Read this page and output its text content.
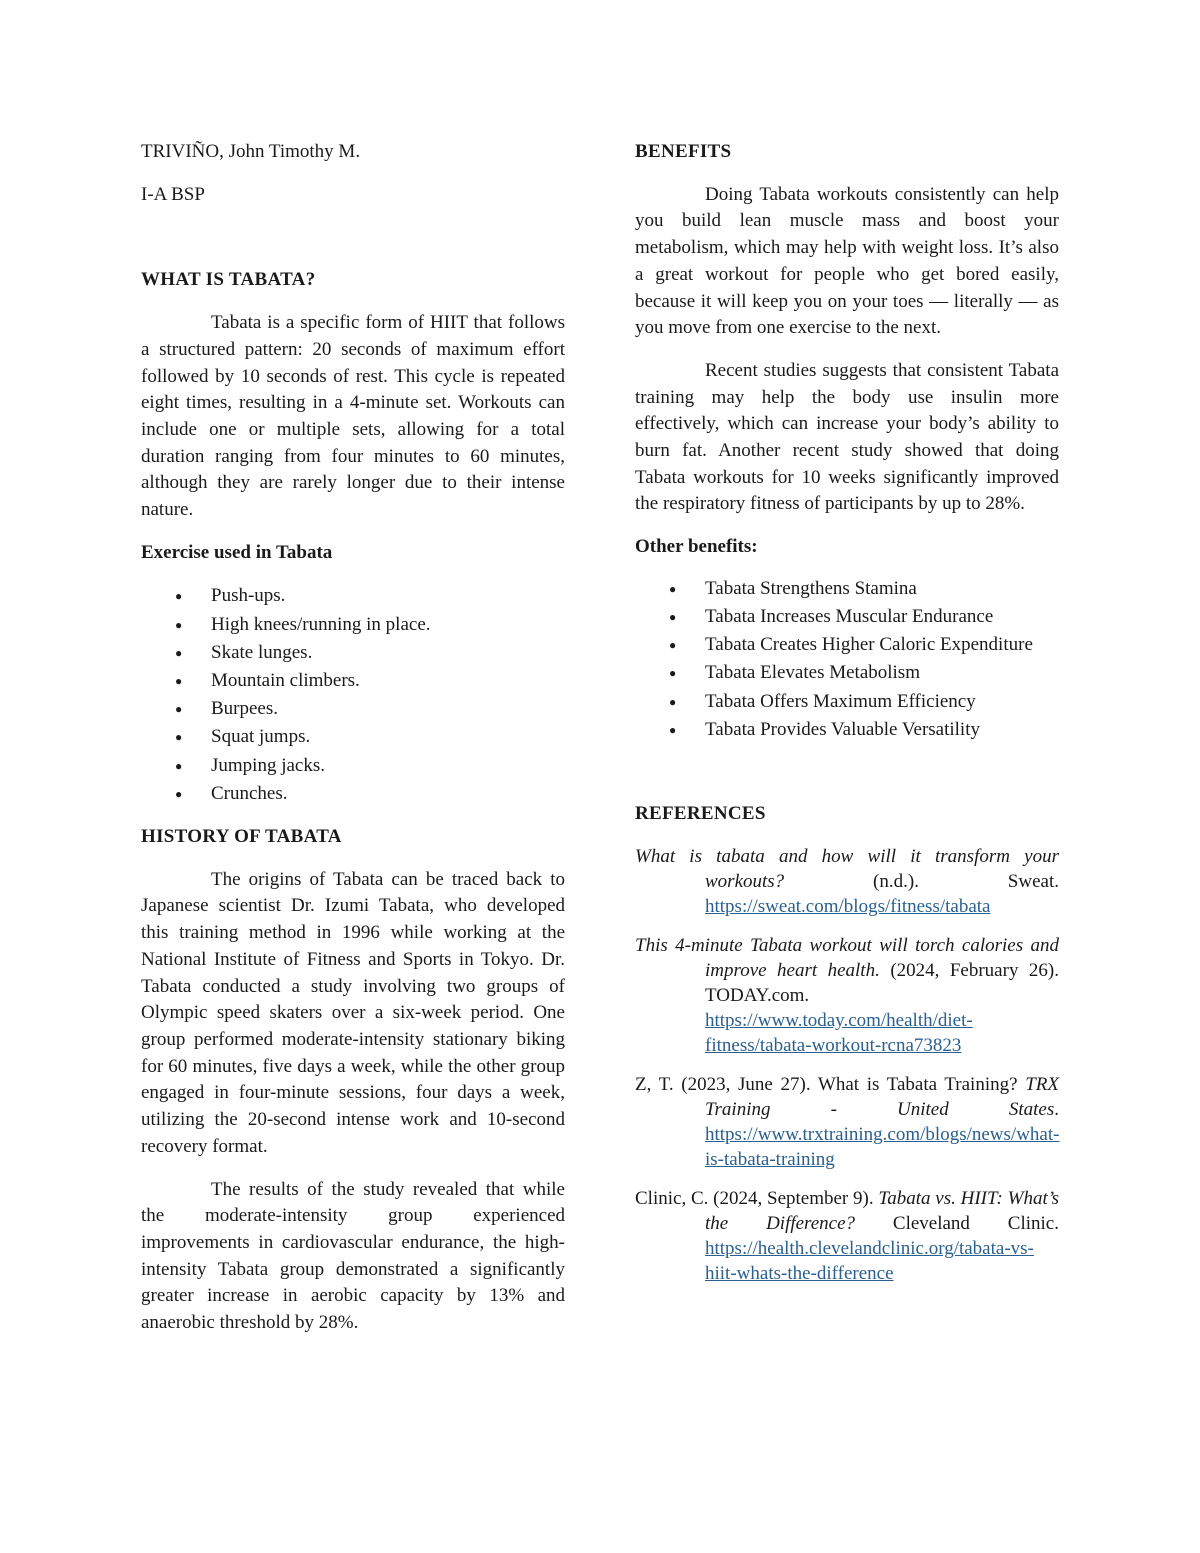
TRIVIÑO, John Timothy M.

I-A BSP

WHAT IS TABATA?

Tabata is a specific form of HIIT that follows a structured pattern: 20 seconds of maximum effort followed by 10 seconds of rest. This cycle is repeated eight times, resulting in a 4-minute set. Workouts can include one or multiple sets, allowing for a total duration ranging from four minutes to 60 minutes, although they are rarely longer due to their intense nature.

Exercise used in Tabata

● Push-ups.
● High knees/running in place.
● Skate lunges.
● Mountain climbers.
● Burpees.
● Squat jumps.
● Jumping jacks.
● Crunches.

HISTORY OF TABATA

The origins of Tabata can be traced back to Japanese scientist Dr. Izumi Tabata, who developed this training method in 1996 while working at the National Institute of Fitness and Sports in Tokyo. Dr. Tabata conducted a study involving two groups of Olympic speed skaters over a six-week period. One group performed moderate-intensity stationary biking for 60 minutes, five days a week, while the other group engaged in four-minute sessions, four days a week, utilizing the 20-second intense work and 10-second recovery format.

The results of the study revealed that while the moderate-intensity group experienced improvements in cardiovascular endurance, the high-intensity Tabata group demonstrated a significantly greater increase in aerobic capacity by 13% and anaerobic threshold by 28%.

BENEFITS

Doing Tabata workouts consistently can help you build lean muscle mass and boost your metabolism, which may help with weight loss. It’s also a great workout for people who get bored easily, because it will keep you on your toes — literally — as you move from one exercise to the next.

Recent studies suggests that consistent Tabata training may help the body use insulin more effectively, which can increase your body’s ability to burn fat. Another recent study showed that doing Tabata workouts for 10 weeks significantly improved the respiratory fitness of participants by up to 28%.

Other benefits:

● Tabata Strengthens Stamina
● Tabata Increases Muscular Endurance
● Tabata Creates Higher Caloric Expenditure
● Tabata Elevates Metabolism
● Tabata Offers Maximum Efficiency
● Tabata Provides Valuable Versatility

REFERENCES

What is tabata and how will it transform your workouts? (n.d.). Sweat. https://sweat.com/blogs/fitness/tabata

This 4-minute Tabata workout will torch calories and improve heart health. (2024, February 26). TODAY.com. https://www.today.com/health/diet-fitness/tabata-workout-rcna73823

Z, T. (2023, June 27). What is Tabata Training? TRX Training - United States. https://www.trxtraining.com/blogs/news/what-is-tabata-training

Clinic, C. (2024, September 9). Tabata vs. HIIT: What’s the Difference? Cleveland Clinic. https://health.clevelandclinic.org/tabata-vs-hiit-whats-the-difference
